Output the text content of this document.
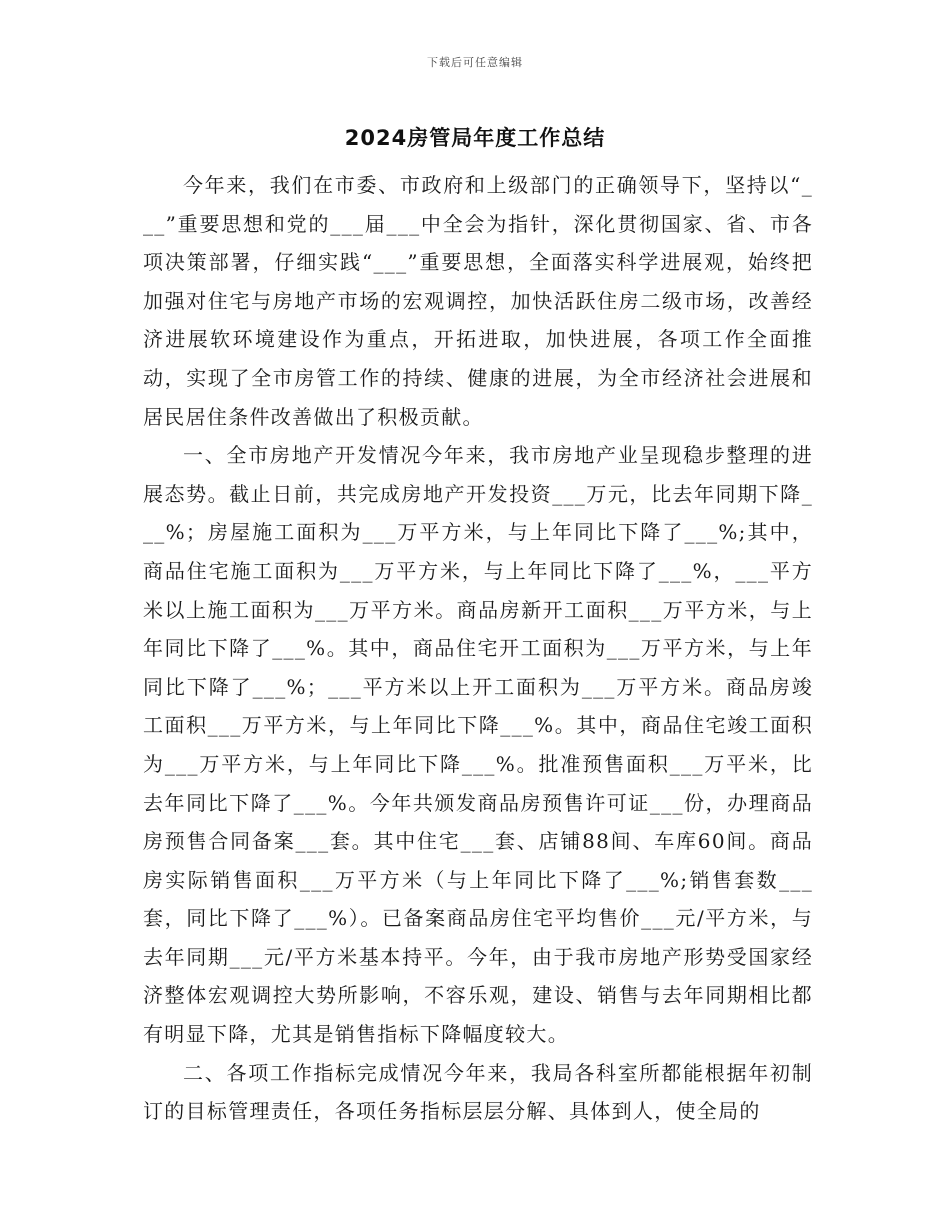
下载后可任意编辑
2024房管局年度工作总结

今年来，我们在市委、市政府和上级部门的正确领导下，坚持以“___”重要思想和党的___届___中全会为指针，深化贯彻国家、省、市各项决策部署，仔细实践“___”重要思想，全面落实科学进展观，始终把加强对住宅与房地产市场的宏观调控，加快活跃住房二级市场，改善经济进展软环境建设作为重点，开拓进取，加快进展，各项工作全面推动，实现了全市房管工作的持续、健康的进展，为全市经济社会进展和居民居住条件改善做出了积极贡献。

一、全市房地产开发情况今年来，我市房地产业呈现稳步整理的进展态势。截止日前，共完成房地产开发投资___万元，比去年同期下降___%；房屋施工面积为___万平方米，与上年同比下降了___%;其中，商品住宅施工面积为___万平方米，与上年同比下降了___%，___平方米以上施工面积为___万平方米。商品房新开工面积___万平方米，与上年同比下降了___%。其中，商品住宅开工面积为___万平方米，与上年同比下降了___%；___平方米以上开工面积为___万平方米。商品房竣工面积___万平方米，与上年同比下降___%。其中，商品住宅竣工面积为___万平方米，与上年同比下降___%。批准预售面积___万平米，比去年同比下降了___%。今年共颁发商品房预售许可证___份，办理商品房预售合同备案___套。其中住宅___套、店铺88间、车库60间。商品房实际销售面积___万平方米（与上年同比下降了___%;销售套数___套，同比下降了___%）。已备案商品房住宅平均售价___元/平方米，与去年同期___元/平方米基本持平。今年，由于我市房地产形势受国家经济整体宏观调控大势所影响，不容乐观，建设、销售与去年同期相比都有明显下降，尤其是销售指标下降幅度较大。

二、各项工作指标完成情况今年来，我局各科室所都能根据年初制订的目标管理责任，各项任务指标层层分解、具体到人，使全局的
